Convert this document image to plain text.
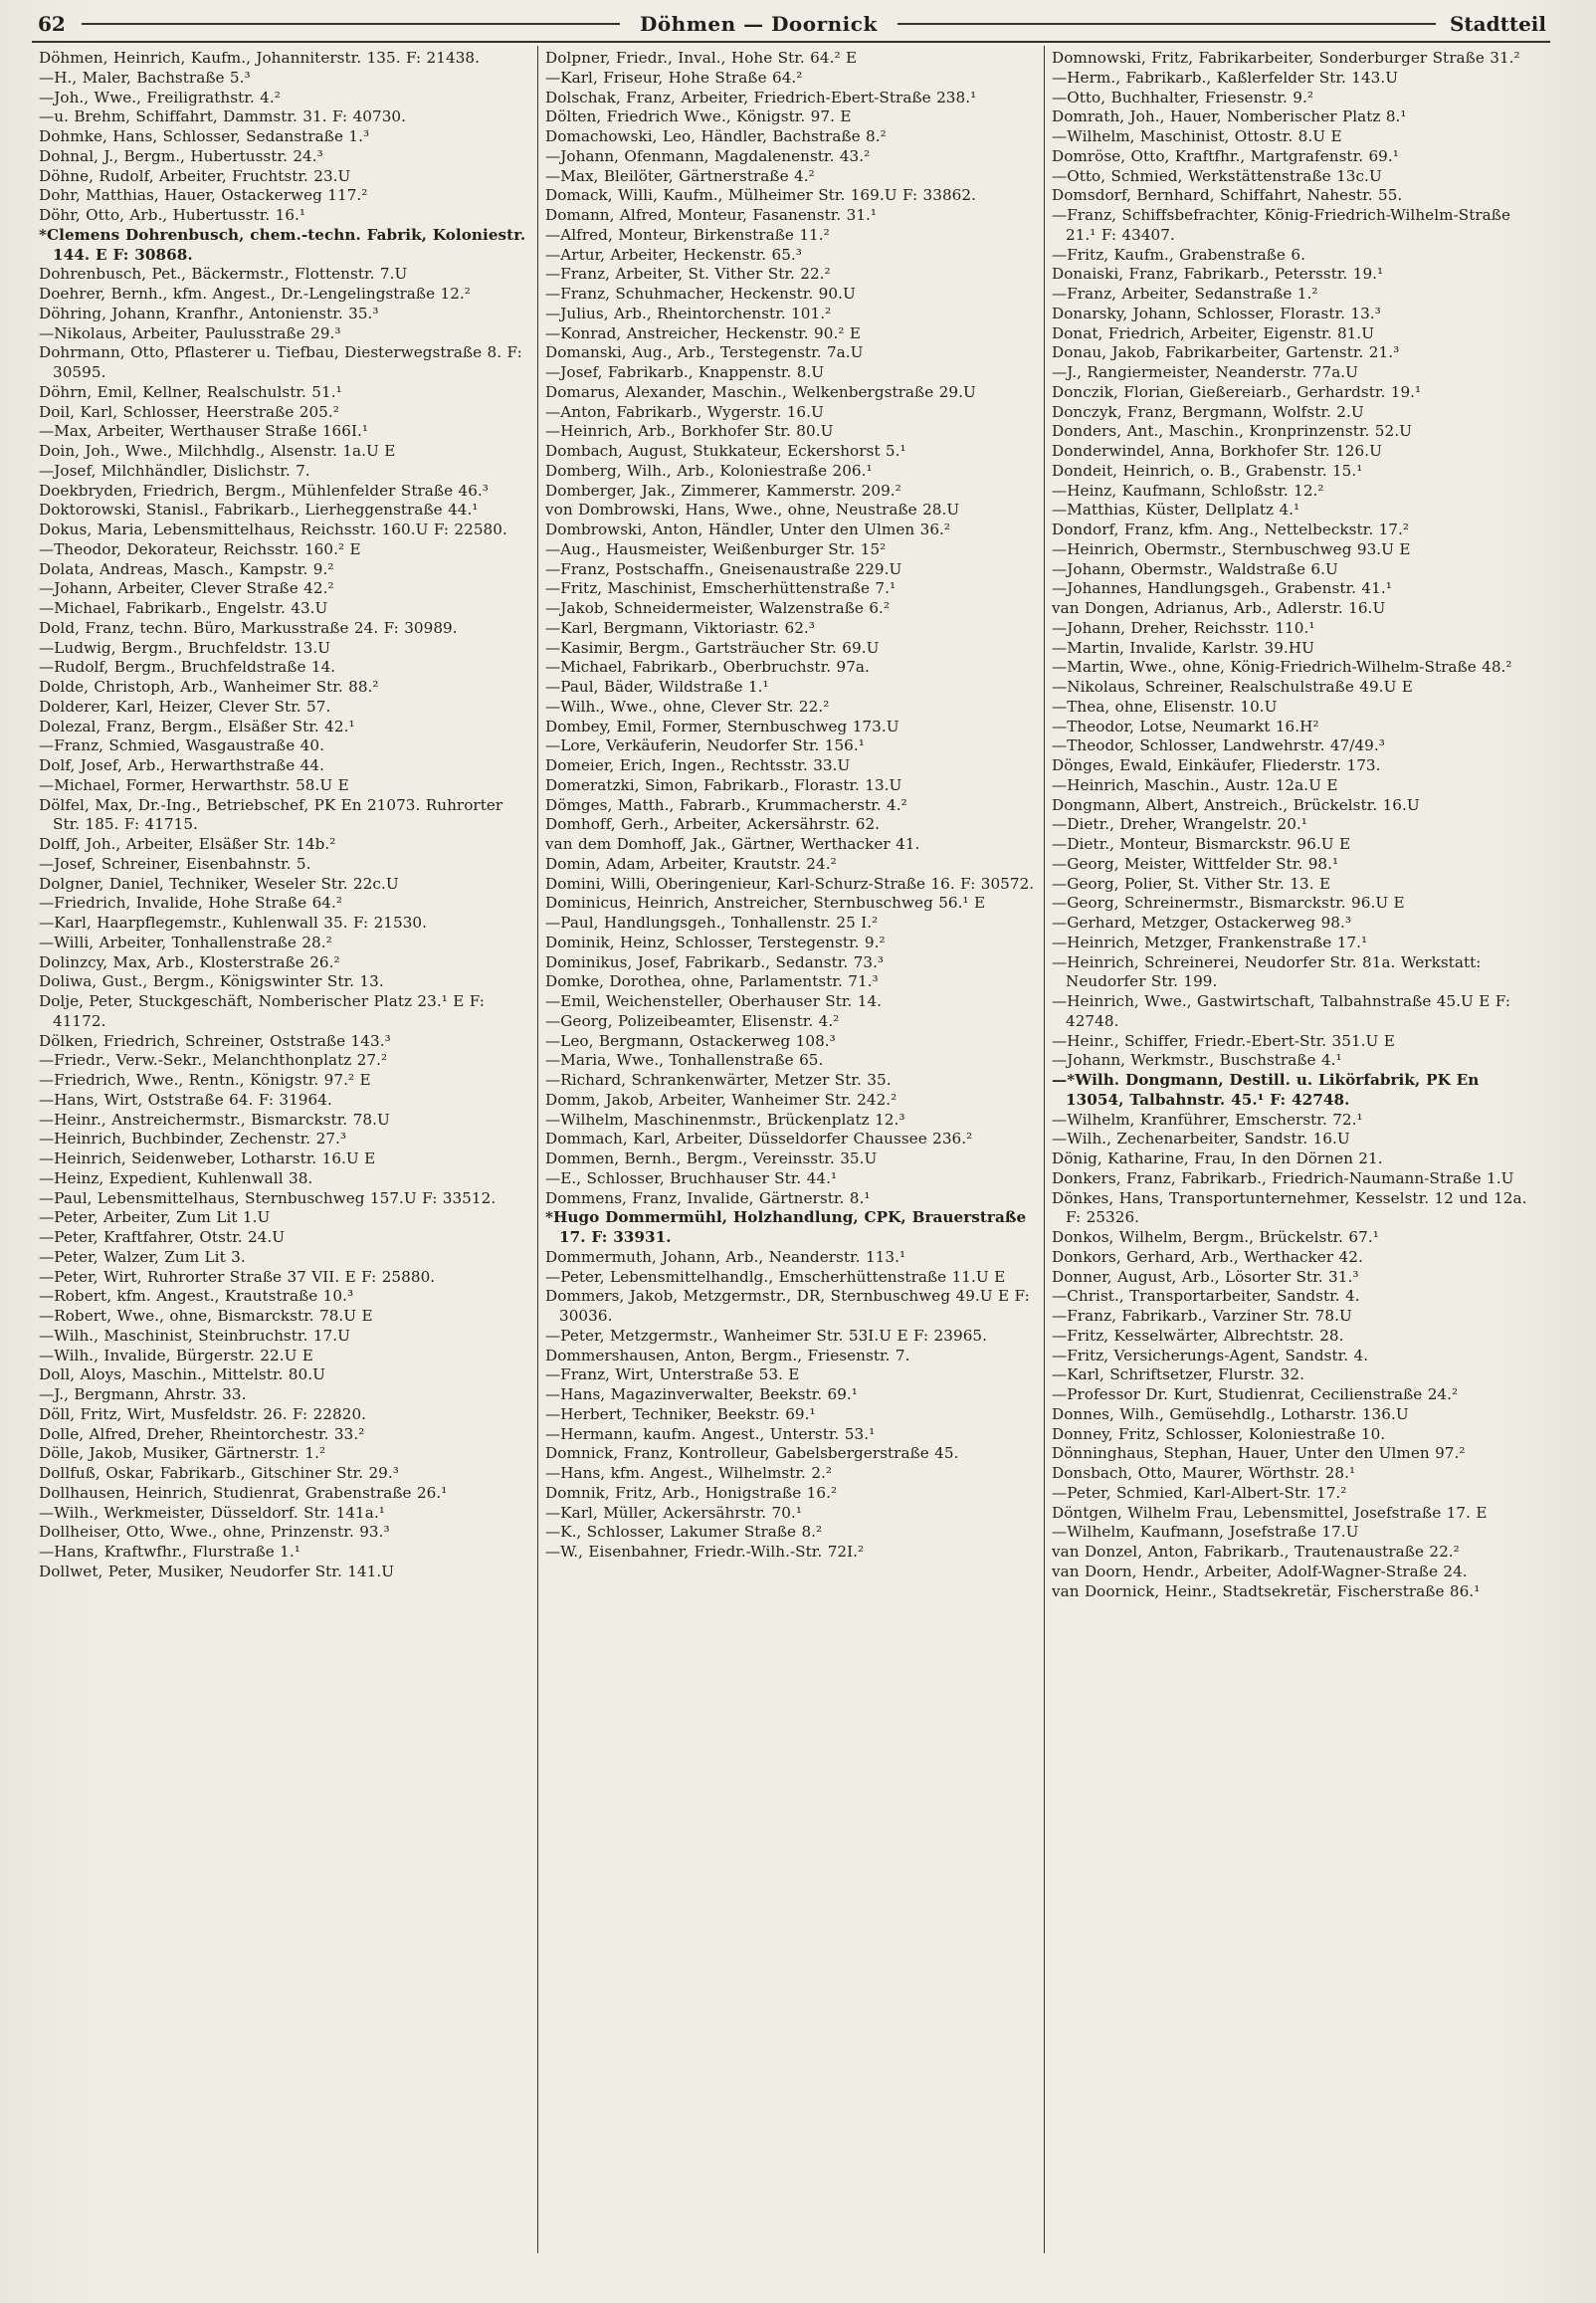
62	Döhmen — Doornick	Stadtteil
Döhmen, Heinrich, Kaufm., Johanniterstr. 135. F: 21438.
—H., Maler, Bachstraße 5.³
—Joh., Wwe., Freiligrathstr. 4.²
—u. Brehm, Schiffahrt, Dammstr. 31. F: 40730.
Dohmke, Hans, Schlosser, Sedanstraße 1.³
Dohnal, J., Bergm., Hubertusstr. 24.³
Döhne, Rudolf, Arbeiter, Fruchtstr. 23.U
Dohr, Matthias, Hauer, Ostackerweg 117.²
Döhr, Otto, Arb., Hubertusstr. 16.¹
*Clemens Dohrenbusch, chem.-techn. Fabrik, Koloniestr. 144. E F: 30868.
Dohrenbusch, Pet., Bäckermstr., Flottenstr. 7.U
Doehrer, Bernh., kfm. Angest., Dr.-Lengelingstraße 12.²
Döhring, Johann, Kranfhr., Antonienstr. 35.³
—Nikolaus, Arbeiter, Paulusstraße 29.³
Dohrmann, Otto, Pflasterer u. Tiefbau, Diesterwegstraße 8. F: 30595.
Döhrn, Emil, Kellner, Realschulstr. 51.¹
Doil, Karl, Schlosser, Heerstraße 205.²
—Max, Arbeiter, Werthauser Straße 166I.¹
Doin, Joh., Wwe., Milchhdlg., Alsenstr. 1a.U E
—Josef, Milchhändler, Dislichstr. 7.
Doekbryden, Friedrich, Bergm., Mühlenfelder Straße 46.³
Doktorowski, Stanisl., Fabrikarb., Lierheggenstraße 44.¹
Dokus, Maria, Lebensmittelhaus, Reichsstr. 160.U F: 22580.
—Theodor, Dekorateur, Reichsstr. 160.² E
Dolata, Andreas, Masch., Kampstr. 9.²
—Johann, Arbeiter, Clever Straße 42.²
—Michael, Fabrikarb., Engelstr. 43.U
Dold, Franz, techn. Büro, Markusstraße 24. F: 30989.
—Ludwig, Bergm., Bruchfeldstr. 13.U
—Rudolf, Bergm., Bruchfeldstraße 14.
Dolde, Christoph, Arb., Wanheimer Str. 88.²
Dolderer, Karl, Heizer, Clever Str. 57.
Dolezal, Franz, Bergm., Elsäßer Str. 42.¹
—Franz, Schmied, Wasgaustraße 40.
Dolf, Josef, Arb., Herwarthstraße 44.
—Michael, Former, Herwarthstr. 58.U E
Dölfel, Max, Dr.-Ing., Betriebschef, PK En 21073. Ruhrorter Str. 185. F: 41715.
Dolff, Joh., Arbeiter, Elsäßer Str. 14b.²
—Josef, Schreiner, Eisenbahnstr. 5.
Dolgner, Daniel, Techniker, Weseler Str. 22c.U
—Friedrich, Invalide, Hohe Straße 64.²
—Karl, Haarpflegemstr., Kuhlenwall 35. F: 21530.
—Willi, Arbeiter, Tonhallenstraße 28.²
Dolinzcy, Max, Arb., Klosterstraße 26.²
Doliwa, Gust., Bergm., Königswinter Str. 13.
Dolje, Peter, Stuckgeschäft, Nomberischer Platz 23.¹ E F: 41172.
Dölken, Friedrich, Schreiner, Oststraße 143.³
—Friedr., Verw.-Sekr., Melanchthonplatz 27.²
—Friedrich, Wwe., Rentn., Königstr. 97.² E
—Hans, Wirt, Oststraße 64. F: 31964.
—Heinr., Anstreichermstr., Bismarckstr. 78.U
—Heinrich, Buchbinder, Zechenstr. 27.³
—Heinrich, Seidenweber, Lotharstr. 16.U E
—Heinz, Expedient, Kuhlenwall 38.
—Paul, Lebensmittelhaus, Sternbuschweg 157.U F: 33512.
—Peter, Arbeiter, Zum Lit 1.U
—Peter, Kraftfahrer, Otstr. 24.U
—Peter, Walzer, Zum Lit 3.
—Peter, Wirt, Ruhrorter Straße 37 VII. E F: 25880.
—Robert, kfm. Angest., Krautstraße 10.³
—Robert, Wwe., ohne, Bismarckstr. 78.U E
—Wilh., Maschinist, Steinbruchstr. 17.U
—Wilh., Invalide, Bürgerstr. 22.U E
Doll, Aloys, Maschin., Mittelstr. 80.U
—J., Bergmann, Ahrstr. 33.
Döll, Fritz, Wirt, Musfeldstr. 26. F: 22820.
Dolle, Alfred, Dreher, Rheintorchestr. 33.²
Dölle, Jakob, Musiker, Gärtnerstr. 1.²
Dollfuß, Oskar, Fabrikarb., Gitschiner Str. 29.³
Dollhausen, Heinrich, Studienrat, Grabenstraße 26.¹
—Wilh., Werkmeister, Düsseldorf. Str. 141a.¹
Dollheiser, Otto, Wwe., ohne, Prinzenstr. 93.³
—Hans, Kraftwfhr., Flurstraße 1.¹
Dollwet, Peter, Musiker, Neudorfer Str. 141.U
Dolpner, Friedr., Inval., Hohe Str. 64.² E
—Karl, Friseur, Hohe Straße 64.²
Dolschak, Franz, Arbeiter, Friedrich-Ebert-Straße 238.¹
Dölten, Friedrich Wwe., Königstr. 97. E
Domachowski, Leo, Händler, Bachstraße 8.²
—Johann, Ofenmann, Magdalenenstr. 43.²
—Max, Bleilöter, Gärtnerstraße 4.²
Domack, Willi, Kaufm., Mülheimer Str. 169.U F: 33862.
Domann, Alfred, Monteur, Fasanenstr. 31.¹
—Alfred, Monteur, Birkenstraße 11.²
—Artur, Arbeiter, Heckenstr. 65.³
—Franz, Arbeiter, St. Vither Str. 22.²
—Franz, Schuhmacher, Heckenstr. 90.U
—Julius, Arb., Rheintorchenstr. 101.²
—Konrad, Anstreicher, Heckenstr. 90.² E
Domanski, Aug., Arb., Terstegenstr. 7a.U
—Josef, Fabrikarb., Knappenstr. 8.U
Domarus, Alexander, Maschin., Welkenbergstraße 29.U
—Anton, Fabrikarb., Wygerstr. 16.U
—Heinrich, Arb., Borkhofer Str. 80.U
Dombach, August, Stukkateur, Eckershorst 5.¹
Domberg, Wilh., Arb., Koloniestraße 206.¹
Domberger, Jak., Zimmerer, Kammerstr. 209.²
von Dombrowski, Hans, Wwe., ohne, Neustraße 28.U
Dombrowski, Anton, Händler, Unter den Ulmen 36.²
—Aug., Hausmeister, Weißenburger Str. 15²
—Franz, Postschaffn., Gneisenaustraße 229.U
—Fritz, Maschinist, Emscherhüttenstraße 7.¹
—Jakob, Schneidermeister, Walzenstraße 6.²
—Karl, Bergmann, Viktoriastr. 62.³
—Kasimir, Bergm., Gartsträucher Str. 69.U
—Michael, Fabrikarb., Oberbruchstr. 97a.
—Paul, Bäder, Wildstraße 1.¹
—Wilh., Wwe., ohne, Clever Str. 22.²
Dombey, Emil, Former, Sternbuschweg 173.U
—Lore, Verkäuferin, Neudorfer Str. 156.¹
Domeier, Erich, Ingen., Rechtsstr. 33.U
Domeratzki, Simon, Fabrikarb., Florastr. 13.U
Dömges, Matth., Fabrarb., Krummacherstr. 4.²
Domhoff, Gerh., Arbeiter, Ackersährstr. 62.
van dem Domhoff, Jak., Gärtner, Werthacker 41.
Domin, Adam, Arbeiter, Krautstr. 24.²
Domini, Willi, Oberingenieur, Karl-Schurz-Straße 16. F: 30572.
Dominicus, Heinrich, Anstreicher, Sternbuschweg 56.¹ E
—Paul, Handlungsgeh., Tonhallenstr. 25 I.²
Dominik, Heinz, Schlosser, Terstegenstr. 9.²
Dominikus, Josef, Fabrikarb., Sedanstr. 73.³
Domke, Dorothea, ohne, Parlamentstr. 71.³
—Emil, Weichensteller, Oberhauser Str. 14.
—Georg, Polizeibeamter, Elisenstr. 4.²
—Leo, Bergmann, Ostackerweg 108.³
—Maria, Wwe., Tonhallenstraße 65.
—Richard, Schrankenwärter, Metzer Str. 35.
Domm, Jakob, Arbeiter, Wanheimer Str. 242.²
—Wilhelm, Maschinenmstr., Brückenplatz 12.³
Dommach, Karl, Arbeiter, Düsseldorfer Chaussee 236.²
Dommen, Bernh., Bergm., Vereinsstr. 35.U
—E., Schlosser, Bruchhauser Str. 44.¹
Dommens, Franz, Invalide, Gärtnerstr. 8.¹
*Hugo Dommermühl, Holzhandlung, CPK, Brauerstraße 17. F: 33931.
Dommermuth, Johann, Arb., Neanderstr. 113.¹
—Peter, Lebensmittelhandlg., Emscherhüttenstraße 11.U E
Dommers, Jakob, Metzgermstr., DR, Sternbuschweg 49.U E F: 30036.
—Peter, Metzgermstr., Wanheimer Str. 53I.U E F: 23965.
Dommershausen, Anton, Bergm., Friesenstr. 7.
—Franz, Wirt, Unterstraße 53. E
—Hans, Magazinverwalter, Beekstr. 69.¹
—Herbert, Techniker, Beekstr. 69.¹
—Hermann, kaufm. Angest., Unterstr. 53.¹
Domnick, Franz, Kontrolleur, Gabelsbergerstraße 45.
—Hans, kfm. Angest., Wilhelmstr. 2.²
Domnik, Fritz, Arb., Honigstraße 16.²
—Karl, Müller, Ackersährstr. 70.¹
—K., Schlosser, Lakumer Straße 8.²
—W., Eisenbahner, Friedr.-Wilh.-Str. 72I.²
Domnowski, Fritz, Fabrikarbeiter, Sonderburger Straße 31.²
—Herm., Fabrikarb., Kaßlerfelder Str. 143.U
—Otto, Buchhalter, Friesenstr. 9.²
Domrath, Joh., Hauer, Nomberischer Platz 8.¹
—Wilhelm, Maschinist, Ottostr. 8.U E
Domröse, Otto, Kraftfhr., Martgrafenstr. 69.¹
—Otto, Schmied, Werkstättenstraße 13c.U
Domsdorf, Bernhard, Schiffahrt, Nahestr. 55.
—Franz, Schiffsbefrachter, König-Friedrich-Wilhelm-Straße 21.¹ F: 43407.
—Fritz, Kaufm., Grabenstraße 6.
Donaiski, Franz, Fabrikarb., Petersstr. 19.¹
—Franz, Arbeiter, Sedanstraße 1.²
Donarsky, Johann, Schlosser, Florastr. 13.³
Donat, Friedrich, Arbeiter, Eigenstr. 81.U
Donau, Jakob, Fabrikarbeiter, Gartenstr. 21.³
—J., Rangiermeister, Neanderstr. 77a.U
Donczik, Florian, Gießereiarb., Gerhardstr. 19.¹
Donczyk, Franz, Bergmann, Wolfstr. 2.U
Donders, Ant., Maschin., Kronprinzenstr. 52.U
Donderwindel, Anna, Borkhofer Str. 126.U
Dondeit, Heinrich, o. B., Grabenstr. 15.¹
—Heinz, Kaufmann, Schloßstr. 12.²
—Matthias, Küster, Dellplatz 4.¹
Dondorf, Franz, kfm. Ang., Nettelbeckstr. 17.²
—Heinrich, Obermstr., Sternbuschweg 93.U E
—Johann, Obermstr., Waldstraße 6.U
—Johannes, Handlungsgeh., Grabenstr. 41.¹
van Dongen, Adrianus, Arb., Adlerstr. 16.U
—Johann, Dreher, Reichsstr. 110.¹
—Martin, Invalide, Karlstr. 39.HU
—Martin, Wwe., ohne, König-Friedrich-Wilhelm-Straße 48.²
—Nikolaus, Schreiner, Realschulstraße 49.U E
—Thea, ohne, Elisenstr. 10.U
—Theodor, Lotse, Neumarkt 16.H²
—Theodor, Schlosser, Landwehrstr. 47/49.³
Dönges, Ewald, Einkäufer, Fliederstr. 173.
—Heinrich, Maschin., Austr. 12a.U E
Dongmann, Albert, Anstreich., Brückelstr. 16.U
—Dietr., Dreher, Wrangelstr. 20.¹
—Dietr., Monteur, Bismarckstr. 96.U E
—Georg, Meister, Wittfelder Str. 98.¹
—Georg, Polier, St. Vither Str. 13. E
—Georg, Schreinermstr., Bismarckstr. 96.U E
—Gerhard, Metzger, Ostackerweg 98.³
—Heinrich, Metzger, Frankenstraße 17.¹
—Heinrich, Schreinerei, Neudorfer Str. 81a. Werkstatt: Neudorfer Str. 199.
—Heinrich, Wwe., Gastwirtschaft, Talbahnstraße 45.U E F: 42748.
—Heinr., Schiffer, Friedr.-Ebert-Str. 351.U E
—Johann, Werkmstr., Buschstraße 4.¹
—*Wilh. Dongmann, Destill. u. Likörfabrik, PK En 13054, Talbahnstr. 45.¹ F: 42748.
—Wilhelm, Kranführer, Emscherstr. 72.¹
—Wilh., Zechenarbeiter, Sandstr. 16.U
Dönig, Katharine, Frau, In den Dörnen 21.
Donkers, Franz, Fabrikarb., Friedrich-Naumann-Straße 1.U
Dönkes, Hans, Transportunternehmer, Kesselstr. 12 und 12a. F: 25326.
Donkos, Wilhelm, Bergm., Brückelstr. 67.¹
Donkors, Gerhard, Arb., Werthacker 42.
Donner, August, Arb., Lösorter Str. 31.³
—Christ., Transportarbeiter, Sandstr. 4.
—Franz, Fabrikarb., Varziner Str. 78.U
—Fritz, Kesselwärter, Albrechtstr. 28.
—Fritz, Versicherungs-Agent, Sandstr. 4.
—Karl, Schriftsetzer, Flurstr. 32.
—Professor Dr. Kurt, Studienrat, Cecilienstraße 24.²
Donnes, Wilh., Gemüsehdlg., Lotharstr. 136.U
Donney, Fritz, Schlosser, Koloniestraße 10.
Dönninghaus, Stephan, Hauer, Unter den Ulmen 97.²
Donsbach, Otto, Maurer, Wörthstr. 28.¹
—Peter, Schmied, Karl-Albert-Str. 17.²
Döntgen, Wilhelm Frau, Lebensmittel, Josefstraße 17. E
—Wilhelm, Kaufmann, Josefstraße 17.U
van Donzel, Anton, Fabrikarb., Trautenaustraße 22.²
van Doorn, Hendr., Arbeiter, Adolf-Wagner-Straße 24.
van Doornick, Heinr., Stadtsekretär, Fischerstraße 86.¹
